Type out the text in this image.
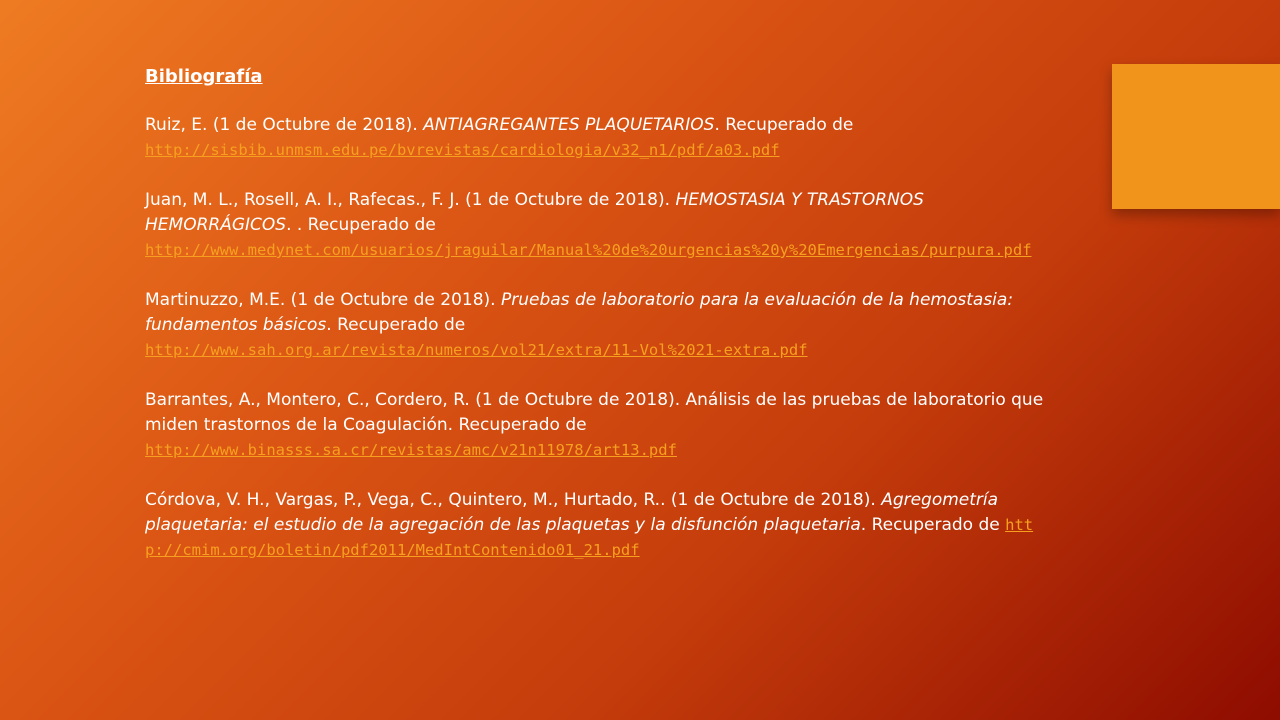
Bibliografía

Ruiz, E. (1 de Octubre de 2018). ANTIAGREGANTES PLAQUETARIOS. Recuperado de
http://sisbib.unmsm.edu.pe/bvrevistas/cardiologia/v32_n1/pdf/a03.pdf

Juan, M. L., Rosell, A. I., Rafecas., F. J. (1 de Octubre de 2018). HEMOSTASIA Y TRASTORNOS HEMORRÁGICOS. . Recuperado de
http://www.medynet.com/usuarios/jraguilar/Manual%20de%20urgencias%20y%20Emergencias/purpura.pdf

Martinuzzo, M.E. (1 de Octubre de 2018). Pruebas de laboratorio para la evaluación de la hemostasia: fundamentos básicos. Recuperado de
http://www.sah.org.ar/revista/numeros/vol21/extra/11-Vol%2021-extra.pdf

Barrantes, A., Montero, C., Cordero, R. (1 de Octubre de 2018). Análisis de las pruebas de laboratorio que miden trastornos de la Coagulación. Recuperado de
http://www.binasss.sa.cr/revistas/amc/v21n11978/art13.pdf

Córdova, V. H., Vargas, P., Vega, C., Quintero, M., Hurtado, R.. (1 de Octubre de 2018). Agregometría plaquetaria: el estudio de la agregación de las plaquetas y la disfunción plaquetaria. Recuperado de http://cmim.org/boletin/pdf2011/MedIntContenido01_21.pdf
